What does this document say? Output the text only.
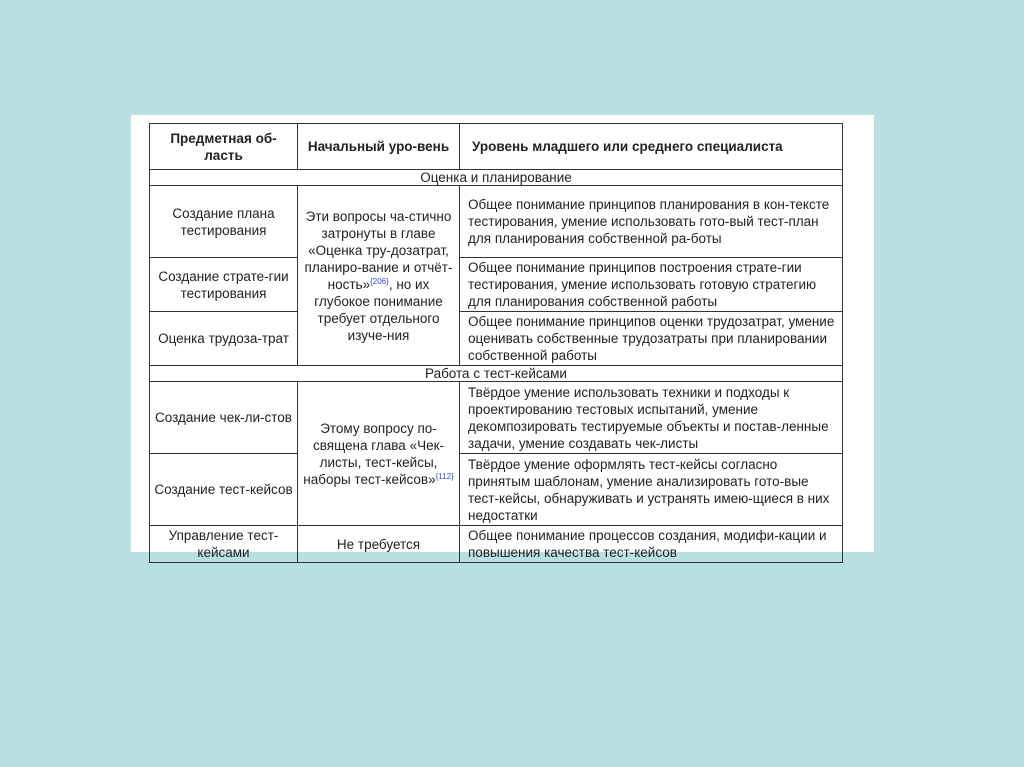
Предметная об-ласть	Начальный уро-вень	Уровень младшего или среднего специалиста
Оценка и планирование		
Создание плана тестирования	Эти вопросы ча-стично затронуты в главе «Оценка тру-дозатрат, планиро-вание и отчёт-ность»$^{\{206\}}$, но их глубокое понимание требует отдельного изуче-ния	Общее понимание принципов планирования в кон-тексте тестирования, умение использовать гото-вый тест-план для планирования собственной ра-боты
Создание страте-гии тестирования		Общее понимание принципов построения страте-гии тестирования, умение использовать готовую стратегию для планирования собственной работы
Оценка трудоза-трат		Общее понимание принципов оценки трудозатрат, умение оценивать собственные трудозатраты при планировании собственной работы
Работа с тест-кейсами		
Создание чек-ли-стов	Этому вопросу по-священа глава «Чек-листы, тест-кейсы, наборы тест-кейсов»$^{\{112\}}$	Твёрдое умение использовать техники и подходы к проектированию тестовых испытаний, умение декомпозировать тестируемые объекты и постав-ленные задачи, умение создавать чек-листы
Создание тест-кейсов		Твёрдое умение оформлять тест-кейсы согласно принятым шаблонам, умение анализировать гото-вые тест-кейсы, обнаруживать и устранять имею-щиеся в них недостатки
Управление тест-кейсами	Не требуется	Общее понимание процессов создания, модифи-кации и повышения качества тест-кейсов
